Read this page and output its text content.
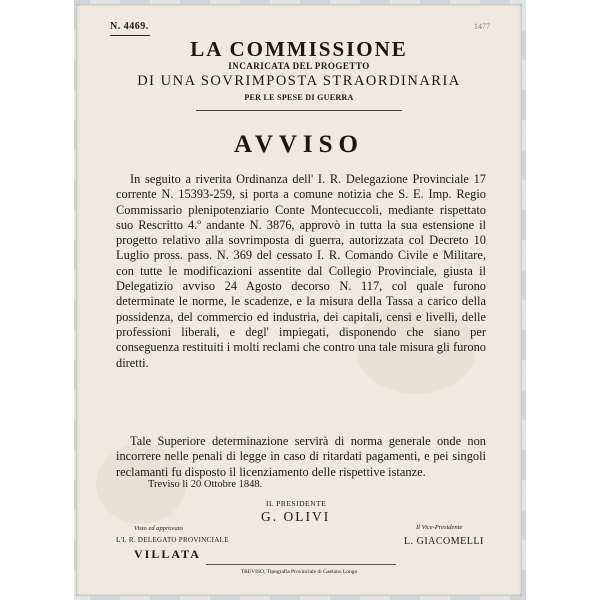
N. 4469.	1477
LA COMMISSIONE
INCARICATA DEL PROGETTO
DI UNA SOVRIMPOSTA STRAORDINARIA
PER LE SPESE DI GUERRA
AVVISO
In seguito a riverita Ordinanza dell' I. R. Delegazione Provinciale 17 corrente N. 15393-259, si porta a comune notizia che S. E. Imp. Regio Commissario plenipotenziario Conte Montecuccoli, mediante rispettato suo Rescritto 4.º andante N. 3876, approvò in tutta la sua estensione il progetto relativo alla sovrimposta di guerra, autorizzata col Decreto 10 Luglio pross. pass. N. 369 del cessato I. R. Comando Civile e Militare, con tutte le modificazioni assentite dal Collegio Provinciale, giusta il Delegatizio avviso 24 Agosto decorso N. 117, col quale furono determinate le norme, le scadenze, e la misura della Tassa a carico della possidenza, del commercio ed industria, dei capitali, censi e livelli, delle professioni liberali, e degl' impiegati, disponendo che siano per conseguenza restituiti i molti reclami che contro una tale misura gli furono diretti.
Tale Superiore determinazione servirà di norma generale onde non incorrere nelle penali di legge in caso di ritardati pagamenti, e pei singoli reclamanti fu disposto il licenziamento delle rispettive istanze.
Treviso li 20 Ottobre 1848.
IL PRESIDENTE
G. OLIVI
Visto ed approvato
L'I. R. DELEGATO PROVINCIALE
VILLATA
Il Vice-Presidente
L. GIACOMELLI
TREVISO, Tipografia Provinciale di Gaetano Longo
